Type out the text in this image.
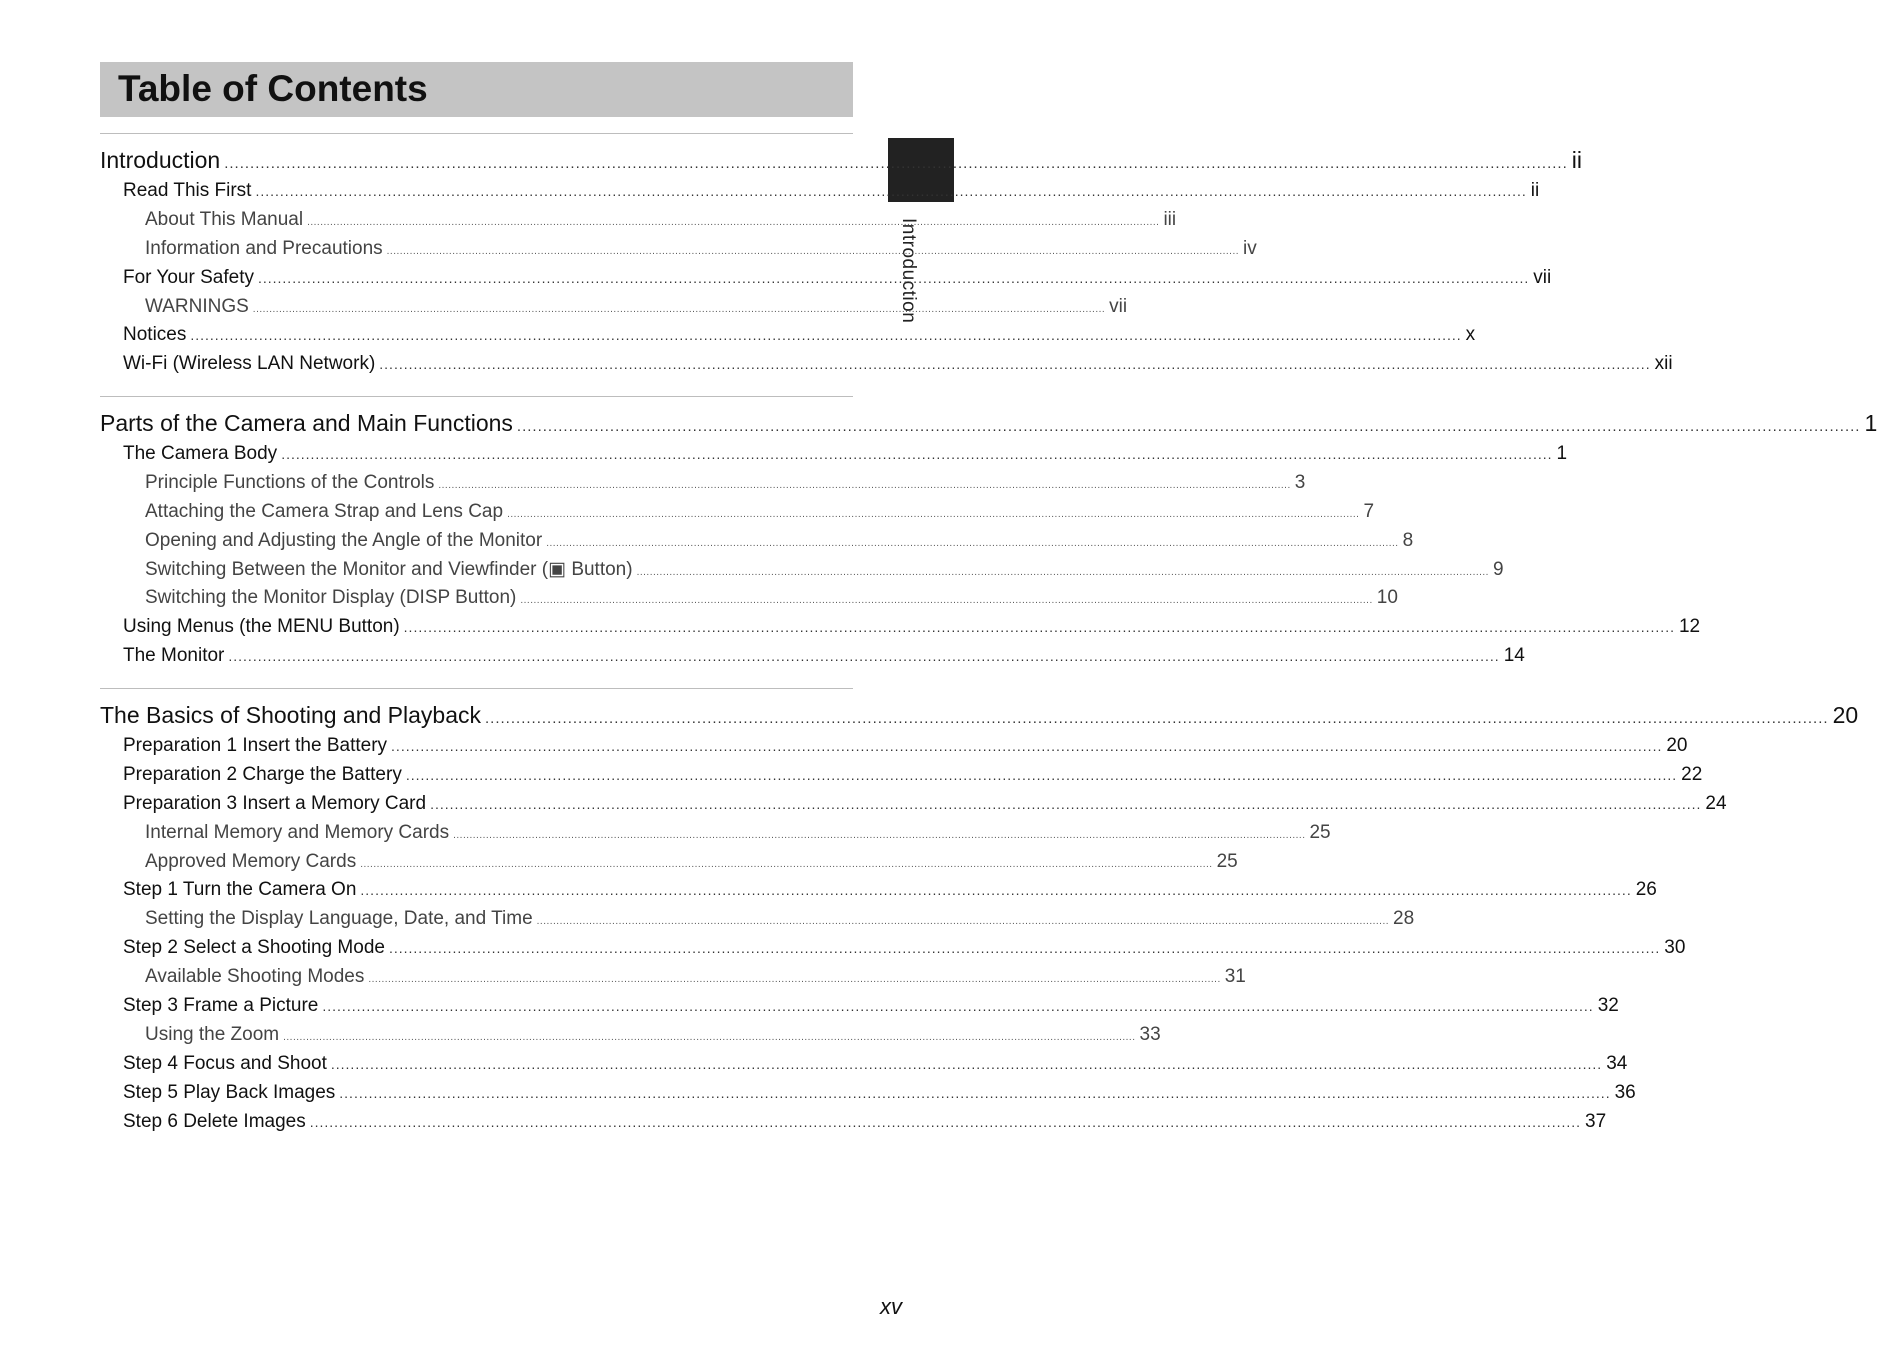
Table of Contents
Introduction
Introduction .................................................................................................................................................................................................................................................................... ii
Read This First .................................................................................................................................................................................................................................................................... ii
About This Manual .................................................................................................................................................................................................................................................................... iii
Information and Precautions .................................................................................................................................................................................................................................................................... iv
For Your Safety .................................................................................................................................................................................................................................................................... vii
WARNINGS .................................................................................................................................................................................................................................................................... vii
Notices .................................................................................................................................................................................................................................................................... x
Wi-Fi (Wireless LAN Network) .................................................................................................................................................................................................................................................................... xii
Parts of the Camera and Main Functions .................................................................................................................................................................................................................................................................... 1
The Camera Body .................................................................................................................................................................................................................................................................... 1
Principle Functions of the Controls .................................................................................................................................................................................................................................................................... 3
Attaching the Camera Strap and Lens Cap .................................................................................................................................................................................................................................................................... 7
Opening and Adjusting the Angle of the Monitor .................................................................................................................................................................................................................................................................... 8
Switching Between the Monitor and Viewfinder (▣ Button) .................................................................................................................................................................................................................................................................... 9
Switching the Monitor Display (DISP Button) .................................................................................................................................................................................................................................................................... 10
Using Menus (the MENU Button) .................................................................................................................................................................................................................................................................... 12
The Monitor .................................................................................................................................................................................................................................................................... 14
The Basics of Shooting and Playback .................................................................................................................................................................................................................................................................... 20
Preparation 1 Insert the Battery .................................................................................................................................................................................................................................................................... 20
Preparation 2 Charge the Battery .................................................................................................................................................................................................................................................................... 22
Preparation 3 Insert a Memory Card .................................................................................................................................................................................................................................................................... 24
Internal Memory and Memory Cards .................................................................................................................................................................................................................................................................... 25
Approved Memory Cards .................................................................................................................................................................................................................................................................... 25
Step 1 Turn the Camera On .................................................................................................................................................................................................................................................................... 26
Setting the Display Language, Date, and Time .................................................................................................................................................................................................................................................................... 28
Step 2 Select a Shooting Mode .................................................................................................................................................................................................................................................................... 30
Available Shooting Modes .................................................................................................................................................................................................................................................................... 31
Step 3 Frame a Picture .................................................................................................................................................................................................................................................................... 32
Using the Zoom .................................................................................................................................................................................................................................................................... 33
Step 4 Focus and Shoot .................................................................................................................................................................................................................................................................... 34
Step 5 Play Back Images .................................................................................................................................................................................................................................................................... 36
Step 6 Delete Images .................................................................................................................................................................................................................................................................... 37
xv
